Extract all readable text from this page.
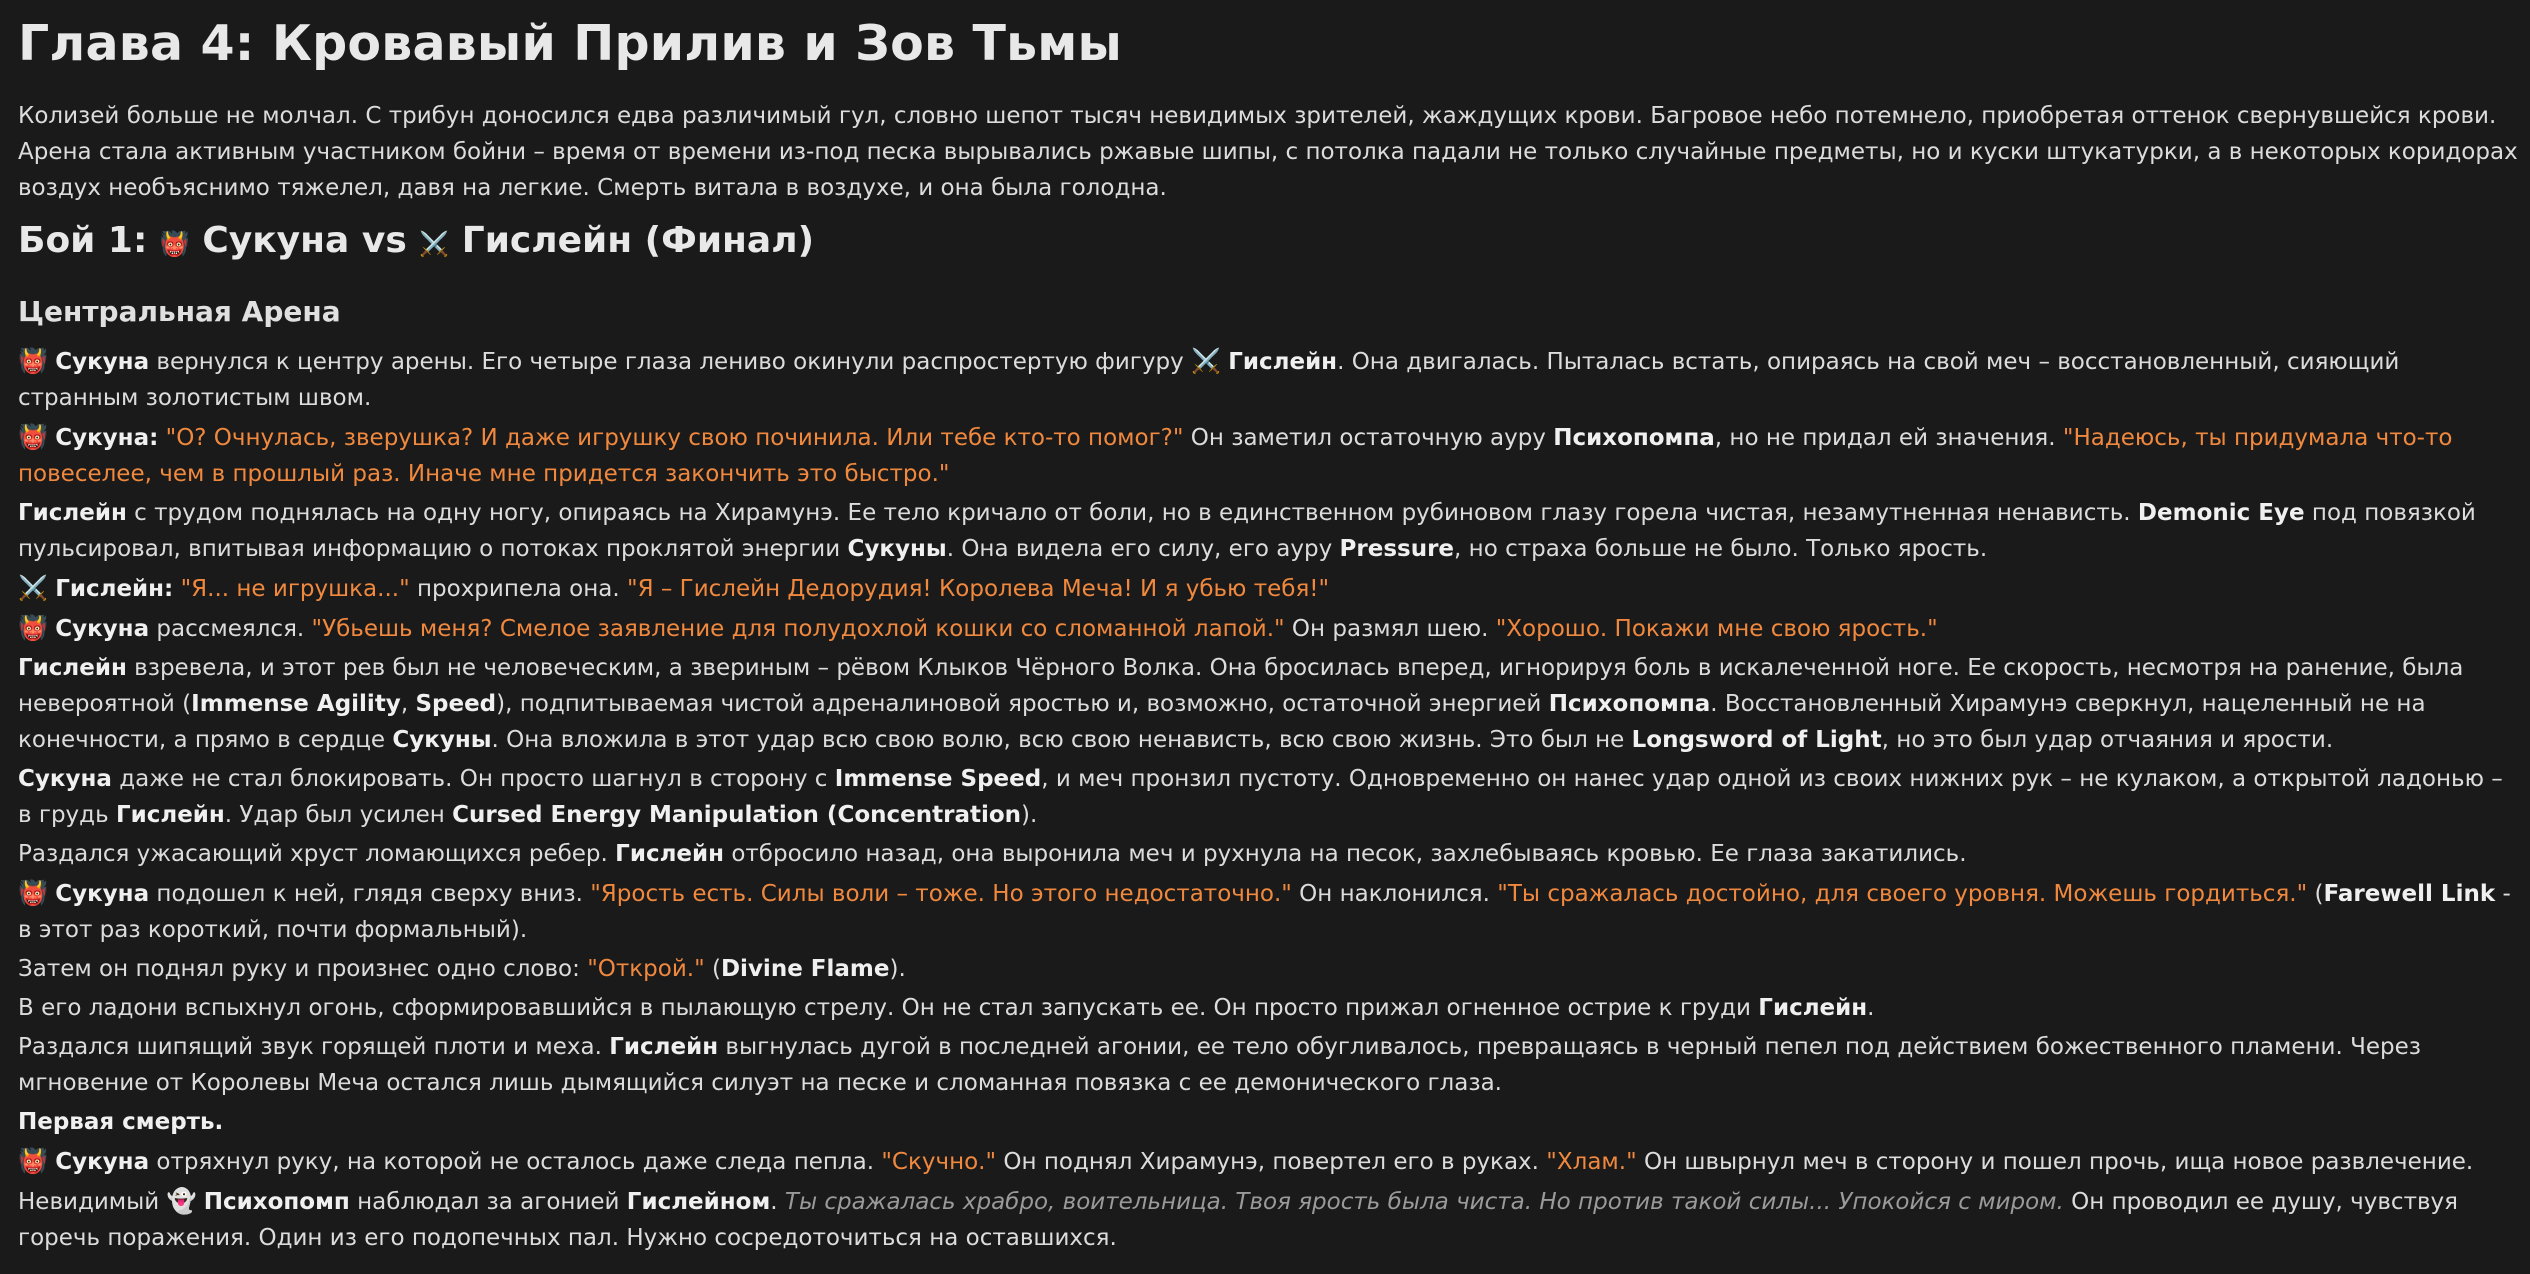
Глава 4: Кровавый Прилив и Зов Тьмы

Колизей больше не молчал. С трибун доносился едва различимый гул, словно шепот тысяч невидимых зрителей, жаждущих крови. Багровое небо потемнело, приобретая оттенок свернувшейся крови. Арена стала активным участником бойни – время от времени из-под песка вырывались ржавые шипы, с потолка падали не только случайные предметы, но и куски штукатурки, а в некоторых коридорах воздух необъяснимо тяжелел, давя на легкие. Смерть витала в воздухе, и она была голодна.

Бой 1: 👹 Сукуна vs ⚔️ Гислейн (Финал)
Центральная Арена

👹 Сукуна вернулся к центру арены. Его четыре глаза лениво окинули распростертую фигуру ⚔️ Гислейн. Она двигалась. Пыталась встать, опираясь на свой меч – восстановленный, сияющий странным золотистым швом.

👹 Сукуна: "О? Очнулась, зверушка? И даже игрушку свою починила. Или тебе кто-то помог?" Он заметил остаточную ауру Психопомпа, но не придал ей значения. "Надеюсь, ты придумала что-то повеселее, чем в прошлый раз. Иначе мне придется закончить это быстро."

Гислейн с трудом поднялась на одну ногу, опираясь на Хирамунэ. Ее тело кричало от боли, но в единственном рубиновом глазу горела чистая, незамутненная ненависть. Demonic Eye под повязкой пульсировал, впитывая информацию о потоках проклятой энергии Сукуны. Она видела его силу, его ауру Pressure, но страха больше не было. Только ярость.

⚔️ Гислейн: "Я... не игрушка..." прохрипела она. "Я – Гислейн Дедорудия! Королева Меча! И я убью тебя!"

👹 Сукуна рассмеялся. "Убьешь меня? Смелое заявление для полудохлой кошки со сломанной лапой." Он размял шею. "Хорошо. Покажи мне свою ярость."

Гислейн взревела, и этот рев был не человеческим, а звериным – рёвом Клыков Чёрного Волка. Она бросилась вперед, игнорируя боль в искалеченной ноге. Ее скорость, несмотря на ранение, была невероятной (Immense Agility, Speed), подпитываемая чистой адреналиновой яростью и, возможно, остаточной энергией Психопомпа. Восстановленный Хирамунэ сверкнул, нацеленный не на конечности, а прямо в сердце Сукуны. Она вложила в этот удар всю свою волю, всю свою ненависть, всю свою жизнь. Это был не Longsword of Light, но это был удар отчаяния и ярости.

Сукуна даже не стал блокировать. Он просто шагнул в сторону с Immense Speed, и меч пронзил пустоту. Одновременно он нанес удар одной из своих нижних рук – не кулаком, а открытой ладонью – в грудь Гислейн. Удар был усилен Cursed Energy Manipulation (Concentration).

Раздался ужасающий хруст ломающихся ребер. Гислейн отбросило назад, она выронила меч и рухнула на песок, захлебываясь кровью. Ее глаза закатились.

👹 Сукуна подошел к ней, глядя сверху вниз. "Ярость есть. Силы воли – тоже. Но этого недостаточно." Он наклонился. "Ты сражалась достойно, для своего уровня. Можешь гордиться." (Farewell Link - в этот раз короткий, почти формальный).

Затем он поднял руку и произнес одно слово: "Открой." (Divine Flame).

В его ладони вспыхнул огонь, сформировавшийся в пылающую стрелу. Он не стал запускать ее. Он просто прижал огненное острие к груди Гислейн.

Раздался шипящий звук горящей плоти и меха. Гислейн выгнулась дугой в последней агонии, ее тело обугливалось, превращаясь в черный пепел под действием божественного пламени. Через мгновение от Королевы Меча остался лишь дымящийся силуэт на песке и сломанная повязка с ее демонического глаза.

Первая смерть.

👹 Сукуна отряхнул руку, на которой не осталось даже следа пепла. "Скучно." Он поднял Хирамунэ, повертел его в руках. "Хлам." Он швырнул меч в сторону и пошел прочь, ища новое развлечение.

Невидимый 👻 Психопомп наблюдал за агонией Гислейном. Ты сражалась храбро, воительница. Твоя ярость была чиста. Но против такой силы... Упокойся с миром. Он проводил ее душу, чувствуя горечь поражения. Один из его подопечных пал. Нужно сосредоточиться на оставшихся.
